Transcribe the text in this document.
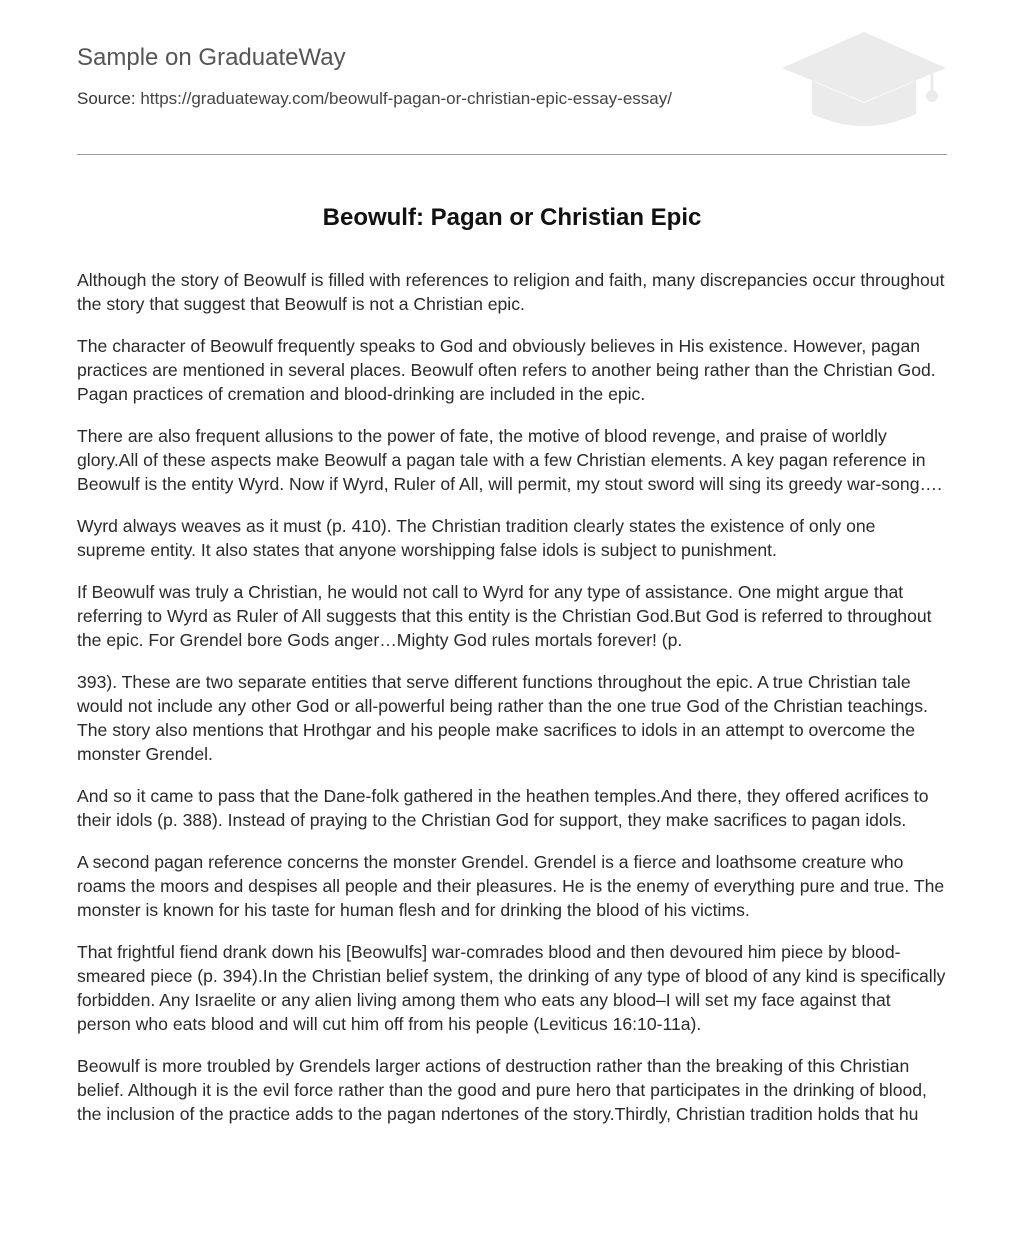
Sample on GraduateWay
Source: https://graduateway.com/beowulf-pagan-or-christian-epic-essay-essay/
Beowulf: Pagan or Christian Epic

Although the story of Beowulf is filled with references to religion and faith, many discrepancies occur throughout the story that suggest that Beowulf is not a Christian epic.

The character of Beowulf frequently speaks to God and obviously believes in His existence. However, pagan practices are mentioned in several places. Beowulf often refers to another being rather than the Christian God. Pagan practices of cremation and blood-drinking are included in the epic.

There are also frequent allusions to the power of fate, the motive of blood revenge, and praise of worldly glory.All of these aspects make Beowulf a pagan tale with a few Christian elements. A key pagan reference in Beowulf is the entity Wyrd. Now if Wyrd, Ruler of All, will permit, my stout sword will sing its greedy war-song….

Wyrd always weaves as it must (p. 410). The Christian tradition clearly states the existence of only one supreme entity. It also states that anyone worshipping false idols is subject to punishment.

If Beowulf was truly a Christian, he would not call to Wyrd for any type of assistance. One might argue that referring to Wyrd as Ruler of All suggests that this entity is the Christian God.But God is referred to throughout the epic. For Grendel bore Gods anger…Mighty God rules mortals forever! (p.

393). These are two separate entities that serve different functions throughout the epic. A true Christian tale would not include any other God or all-powerful being rather than the one true God of the Christian teachings. The story also mentions that Hrothgar and his people make sacrifices to idols in an attempt to overcome the monster Grendel.

And so it came to pass that the Dane-folk gathered in the heathen temples.And there, they offered acrifices to their idols (p. 388). Instead of praying to the Christian God for support, they make sacrifices to pagan idols.

A second pagan reference concerns the monster Grendel. Grendel is a fierce and loathsome creature who roams the moors and despises all people and their pleasures. He is the enemy of everything pure and true. The monster is known for his taste for human flesh and for drinking the blood of his victims.

That frightful fiend drank down his [Beowulfs] war-comrades blood and then devoured him piece by blood-smeared piece (p. 394).In the Christian belief system, the drinking of any type of blood of any kind is specifically forbidden. Any Israelite or any alien living among them who eats any blood–I will set my face against that person who eats blood and will cut him off from his people (Leviticus 16:10-11a).

Beowulf is more troubled by Grendels larger actions of destruction rather than the breaking of this Christian belief. Although it is the evil force rather than the good and pure hero that participates in the drinking of blood, the inclusion of the practice adds to the pagan ndertones of the story.Thirdly, Christian tradition holds that hu
